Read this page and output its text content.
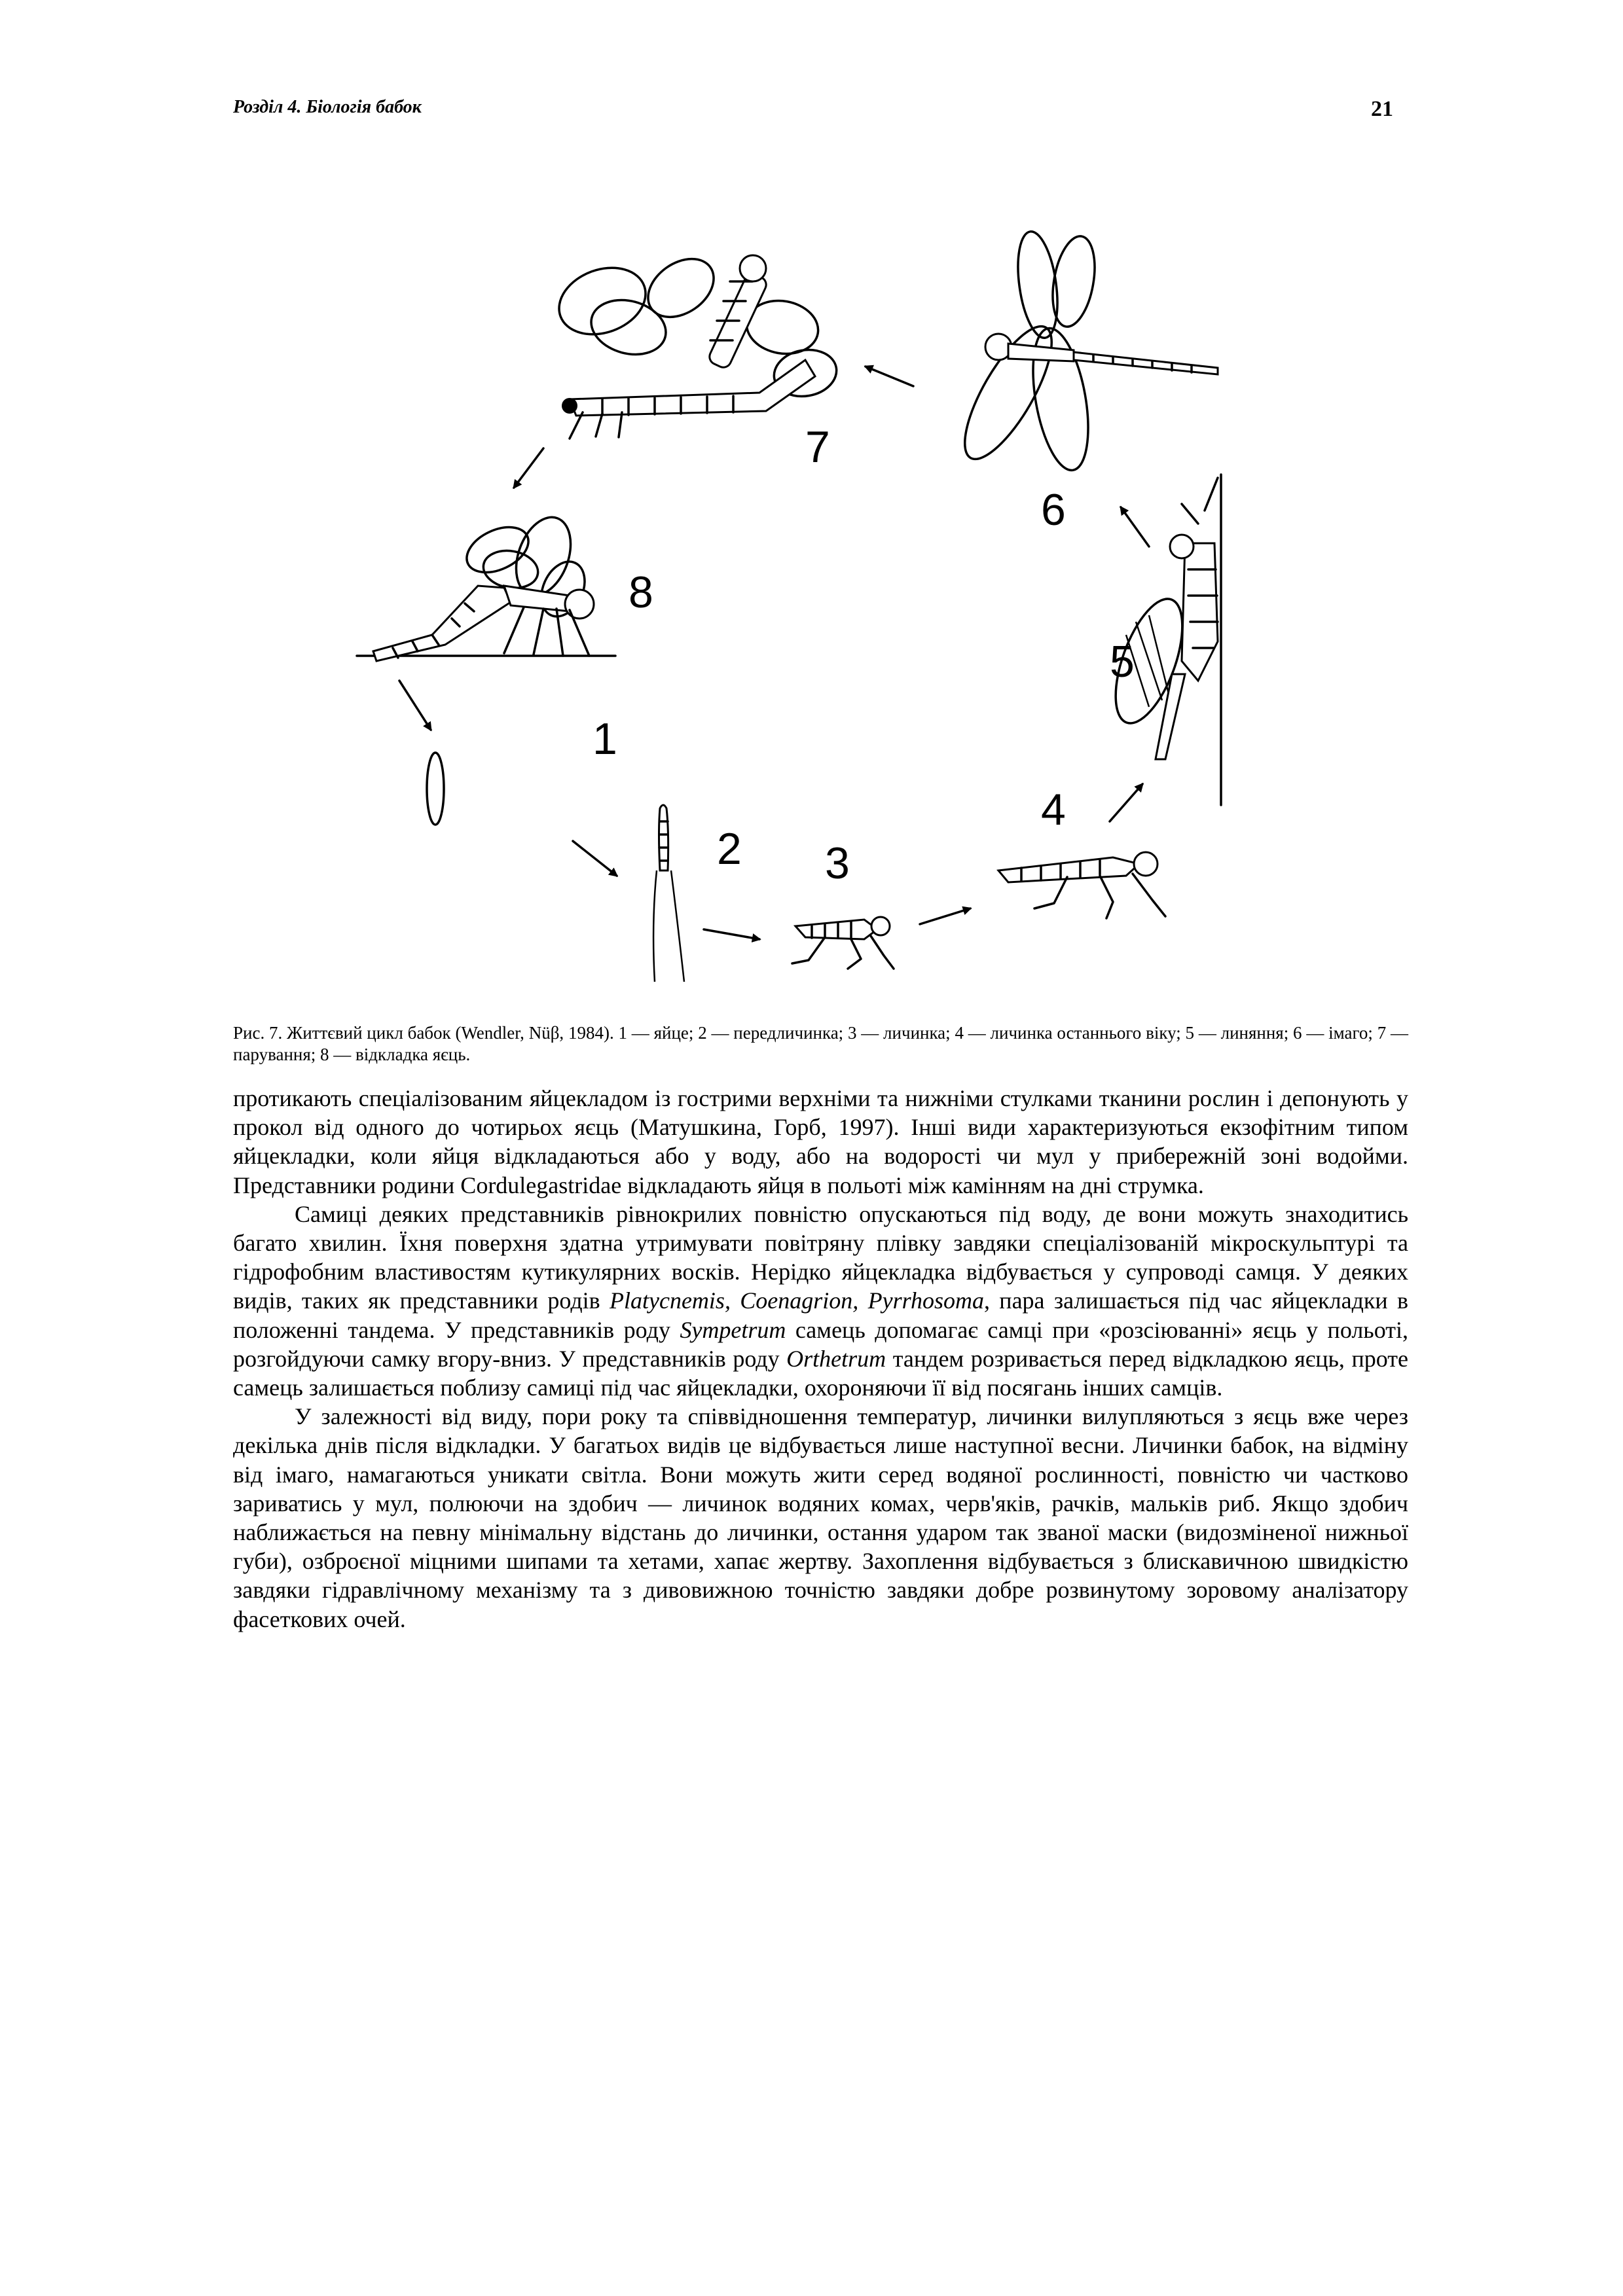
Розділ 4. Біологія бабок	21
7
6
8
1
2 3
4
5
Рис. 7. Життєвий цикл бабок (Wendler, Nüβ, 1984). 1 — яйце; 2 — передличинка; 3 — личинка; 4 — личинка останнього віку; 5 — линяння; 6 — імаго; 7 — парування; 8 — відкладка яєць.

протикають спеціалізованим яйцекладом із гострими верхніми та нижніми стулками тканини рослин і депонують у прокол від одного до чотирьох яєць (Матушкина, Горб, 1997). Інші види характеризуються екзофітним типом яйцекладки, коли яйця відкладаються або у воду, або на водорості чи мул у прибережній зоні водойми. Представники родини Cordulegastridae відкладають яйця в польоті між камінням на дні струмка.

Самиці деяких представників рівнокрилих повністю опускаються під воду, де вони можуть знаходитись багато хвилин. Їхня поверхня здатна утримувати повітряну плівку завдяки спеціалізованій мікроскульптурі та гідрофобним властивостям кутикулярних восків. Нерідко яйцекладка відбувається у супроводі самця. У деяких видів, таких як представники родів Platycnemis, Coenagrion, Pyrrhosoma, пара залишається під час яйцекладки в положенні тандема. У представників роду Sympetrum самець допомагає самці при «розсіюванні» яєць у польоті, розгойдуючи самку вгору-вниз. У представників роду Orthetrum тандем розривається перед відкладкою яєць, проте самець залишається поблизу самиці під час яйцекладки, охороняючи її від посягань інших самців.

У залежності від виду, пори року та співвідношення температур, личинки вилупляються з яєць вже через декілька днів після відкладки. У багатьох видів це відбувається лише наступної весни. Личинки бабок, на відміну від імаго, намагаються уникати світла. Вони можуть жити серед водяної рослинності, повністю чи частково зариватись у мул, полюючи на здобич — личинок водяних комах, черв'яків, рачків, мальків риб. Якщо здобич наближається на певну мінімальну відстань до личинки, остання ударом так званої маски (видозміненої нижньої губи), озброєної міцними шипами та хетами, хапає жертву. Захоплення відбувається з блискавичною швидкістю завдяки гідравлічному механізму та з дивовижною точністю завдяки добре розвинутому зоровому аналізатору фасеткових очей.
